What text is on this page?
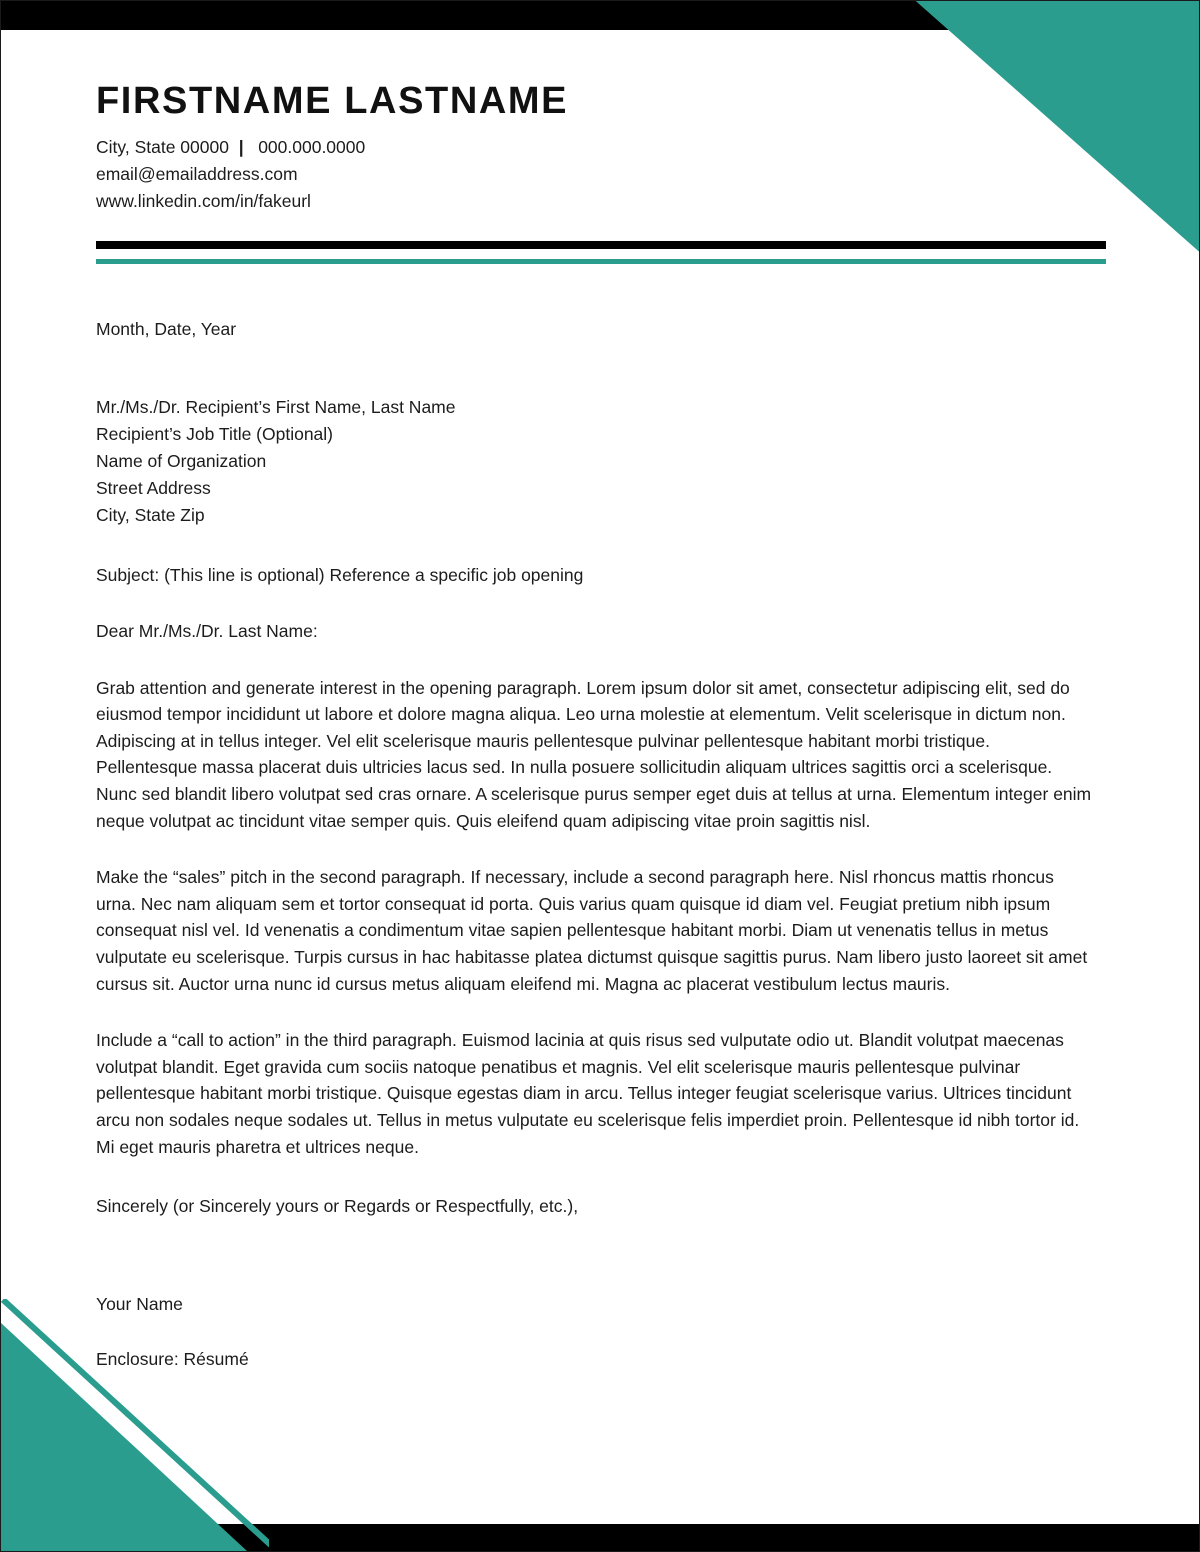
FIRSTNAME LASTNAME
City, State 00000 | 000.000.0000
email@emailaddress.com
www.linkedin.com/in/fakeurl
Month, Date, Year
Mr./Ms./Dr. Recipient’s First Name, Last Name
Recipient’s Job Title (Optional)
Name of Organization
Street Address
City, State Zip
Subject: (This line is optional) Reference a specific job opening
Dear Mr./Ms./Dr. Last Name:

Grab attention and generate interest in the opening paragraph. Lorem ipsum dolor sit amet, consectetur adipiscing elit, sed do eiusmod tempor incididunt ut labore et dolore magna aliqua. Leo urna molestie at elementum. Velit scelerisque in dictum non. Adipiscing at in tellus integer. Vel elit scelerisque mauris pellentesque pulvinar pellentesque habitant morbi tristique. Pellentesque massa placerat duis ultricies lacus sed. In nulla posuere sollicitudin aliquam ultrices sagittis orci a scelerisque. Nunc sed blandit libero volutpat sed cras ornare. A scelerisque purus semper eget duis at tellus at urna. Elementum integer enim neque volutpat ac tincidunt vitae semper quis. Quis eleifend quam adipiscing vitae proin sagittis nisl.

Make the “sales” pitch in the second paragraph. If necessary, include a second paragraph here. Nisl rhoncus mattis rhoncus urna. Nec nam aliquam sem et tortor consequat id porta. Quis varius quam quisque id diam vel. Feugiat pretium nibh ipsum consequat nisl vel. Id venenatis a condimentum vitae sapien pellentesque habitant morbi. Diam ut venenatis tellus in metus vulputate eu scelerisque. Turpis cursus in hac habitasse platea dictumst quisque sagittis purus. Nam libero justo laoreet sit amet cursus sit. Auctor urna nunc id cursus metus aliquam eleifend mi. Magna ac placerat vestibulum lectus mauris.

Include a “call to action” in the third paragraph. Euismod lacinia at quis risus sed vulputate odio ut. Blandit volutpat maecenas volutpat blandit. Eget gravida cum sociis natoque penatibus et magnis. Vel elit scelerisque mauris pellentesque pulvinar pellentesque habitant morbi tristique. Quisque egestas diam in arcu. Tellus integer feugiat scelerisque varius. Ultrices tincidunt arcu non sodales neque sodales ut. Tellus in metus vulputate eu scelerisque felis imperdiet proin. Pellentesque id nibh tortor id. Mi eget mauris pharetra et ultrices neque.

Sincerely (or Sincerely yours or Regards or Respectfully, etc.),
Your Name
Enclosure: Résumé
